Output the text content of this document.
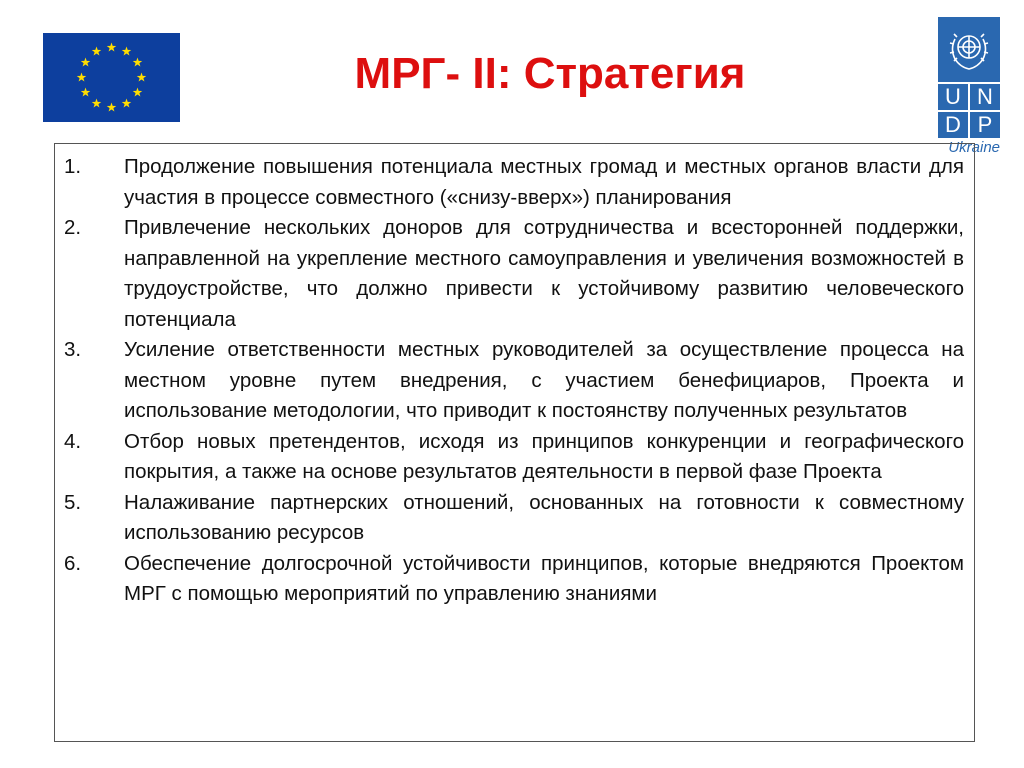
МРГ- II: Стратегия	U N
D P
Ukraine
1.	Продолжение повышения потенциала местных громад и местных органов власти для участия в процессе совместного («снизу-вверх») планирования
2.	Привлечение нескольких доноров для сотрудничества и всесторонней поддержки, направленной на укрепление местного самоуправления и увеличения возможностей в трудоустройстве, что должно привести к устойчивому развитию человеческого потенциала
3.	Усиление ответственности местных руководителей за осуществление процесса на местном уровне путем внедрения, с участием бенефициаров, Проекта и использование методологии, что приводит к постоянству полученных результатов
4.	Отбор новых претендентов, исходя из принципов конкуренции и географического покрытия, а также на основе результатов деятельности в первой фазе Проекта
5.	Налаживание партнерских отношений, основанных на готовности к совместному использованию ресурсов
6.	Обеспечение долгосрочной устойчивости принципов, которые внедряются Проектом МРГ с помощью мероприятий по управлению знаниями
